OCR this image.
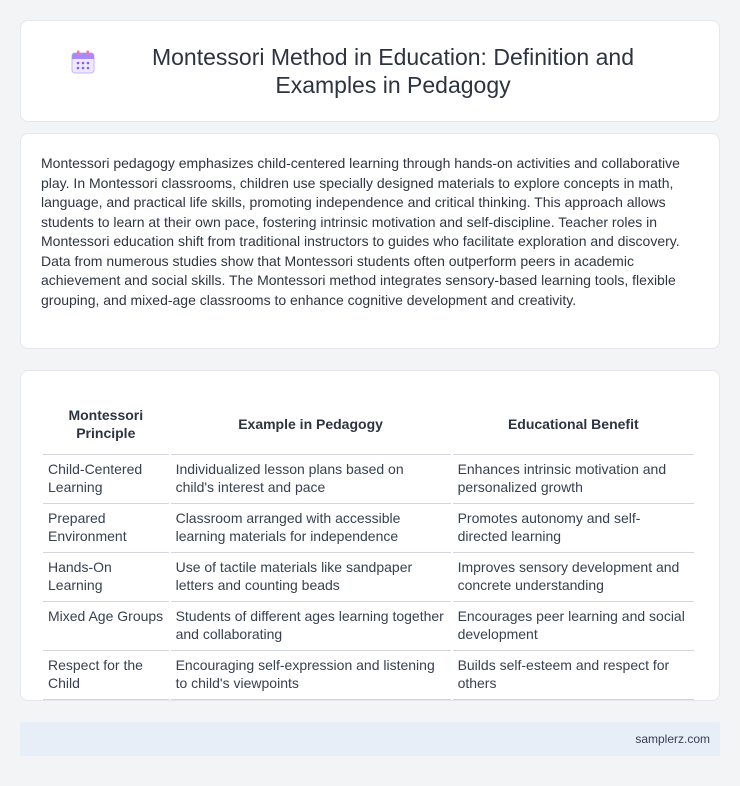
Montessori Method in Education: Definition and Examples in Pedagogy

Montessori pedagogy emphasizes child-centered learning through hands-on activities and collaborative play. In Montessori classrooms, children use specially designed materials to explore concepts in math, language, and practical life skills, promoting independence and critical thinking. This approach allows students to learn at their own pace, fostering intrinsic motivation and self-discipline. Teacher roles in Montessori education shift from traditional instructors to guides who facilitate exploration and discovery. Data from numerous studies show that Montessori students often outperform peers in academic achievement and social skills. The Montessori method integrates sensory-based learning tools, flexible grouping, and mixed-age classrooms to enhance cognitive development and creativity.

Montessori Principle	Example in Pedagogy	Educational Benefit
Child-Centered Learning	Individualized lesson plans based on child's interest and pace	Enhances intrinsic motivation and personalized growth
Prepared Environment	Classroom arranged with accessible learning materials for independence	Promotes autonomy and self-directed learning
Hands-On Learning	Use of tactile materials like sandpaper letters and counting beads	Improves sensory development and concrete understanding
Mixed Age Groups	Students of different ages learning together and collaborating	Encourages peer learning and social development
Respect for the Child	Encouraging self-expression and listening to child's viewpoints	Builds self-esteem and respect for others
samplerz.com
